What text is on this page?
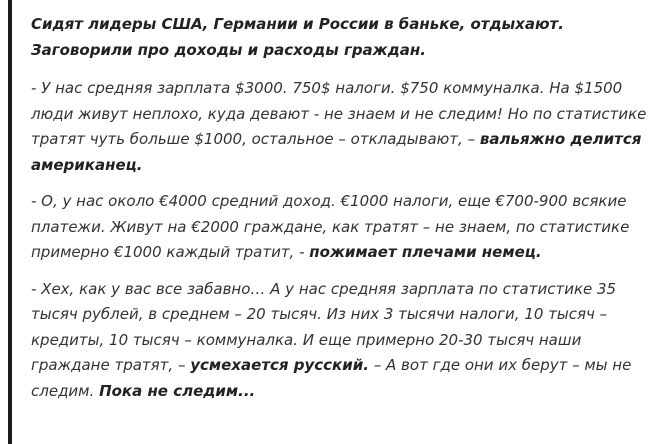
Сидят лидеры США, Германии и России в баньке, отдыхают. Заговорили про доходы и расходы граждан.

- У нас средняя зарплата $3000. 750$ налоги. $750 коммуналка. На $1500 люди живут неплохо, куда девают - не знаем и не следим! Но по статистике тратят чуть больше $1000, остальное – откладывают, – вальяжно делится американец.

- О, у нас около €4000 средний доход. €1000 налоги, еще €700-900 всякие платежи. Живут на €2000 граждане, как тратят – не знаем, по статистике примерно €1000 каждый тратит, - пожимает плечами немец.

- Хех, как у вас все забавно… А у нас средняя зарплата по статистике 35 тысяч рублей, в среднем – 20 тысяч. Из них 3 тысячи налоги, 10 тысяч – кредиты, 10 тысяч – коммуналка. И еще примерно 20-30 тысяч наши граждане тратят, – усмехается русский. – А вот где они их берут – мы не следим. Пока не следим...
